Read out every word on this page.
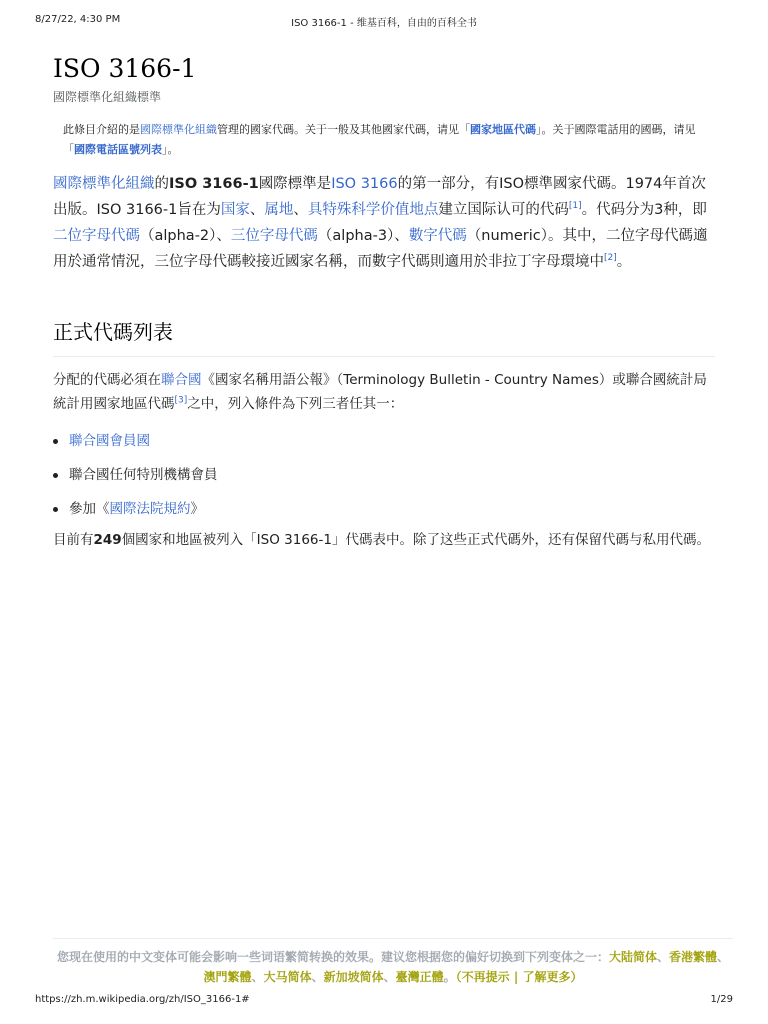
8/27/22, 4:30 PM	ISO 3166-1 - 维基百科，自由的百科全书
ISO 3166-1
國際標準化組織標準
此條目介紹的是國際標準化組織管理的國家代碼。关于一般及其他國家代碼，请见「國家地區代碼」。关于國際電話用的國碼，请见「國際電話區號列表」。
國際標準化組織的ISO 3166-1國際標準是ISO 3166的第一部分，有ISO標準國家代碼。1974年首次出版。ISO 3166-1旨在为国家、属地、具特殊科学价值地点建立国际认可的代码[1]。代码分为3种，即二位字母代碼（alpha-2）、三位字母代碼（alpha-3）、數字代碼（numeric）。其中，二位字母代碼適用於通常情況，三位字母代碼較接近國家名稱，而數字代碼則適用於非拉丁字母環境中[2]。
正式代碼列表
分配的代碼必須在聯合國《國家名稱用語公報》（Terminology Bulletin - Country Names）或聯合國統計局統計用國家地區代碼[3]之中，列入條件為下列三者任其一：
聯合國會員國
聯合國任何特別機構會員
參加《國際法院規約》
目前有249個國家和地區被列入「ISO 3166-1」代碼表中。除了这些正式代碼外，还有保留代碼与私用代碼。
您现在使用的中文变体可能会影响一些词语繁简转换的效果。建议您根据您的偏好切换到下列变体之一：大陆简体、香港繁體、澳門繁體、大马简体、新加坡简体、臺灣正體。（不再提示 | 了解更多）
https://zh.m.wikipedia.org/zh/ISO_3166-1#	1/29
